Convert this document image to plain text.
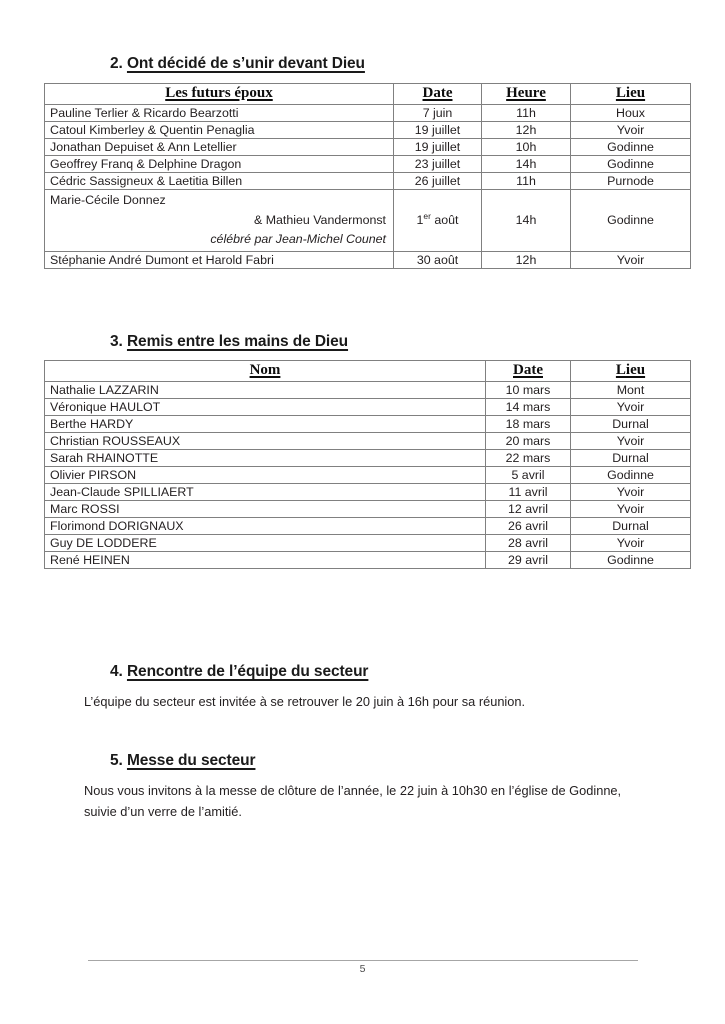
2. Ont décidé de s’unir devant Dieu
Les futurs époux	Date	Heure	Lieu
Pauline Terlier & Ricardo Bearzotti	7 juin	11h	Houx
Catoul Kimberley & Quentin Penaglia	19 juillet	12h	Yvoir
Jonathan Depuiset & Ann Letellier	19 juillet	10h	Godinne
Geoffrey Franq & Delphine Dragon	23 juillet	14h	Godinne
Cédric Sassigneux & Laetitia Billen	26 juillet	11h	Purnode

Marie-Cécile Donnez
& Mathieu Vandermonst
célébré par Jean-Michel Counet	1er août	14h	Godinne
Stéphanie André Dumont et Harold Fabri	30 août	12h	Yvoir
3. Remis entre les mains de Dieu
Nom	Date	Lieu
Nathalie LAZZARIN	10 mars	Mont
Véronique HAULOT	14 mars	Yvoir
Berthe HARDY	18 mars	Durnal
Christian ROUSSEAUX	20 mars	Yvoir
Sarah RHAINOTTE	22 mars	Durnal
Olivier PIRSON	5 avril	Godinne
Jean-Claude SPILLIAERT	11 avril	Yvoir
Marc ROSSI	12 avril	Yvoir
Florimond DORIGNAUX	26 avril	Durnal
Guy DE LODDERE	28 avril	Yvoir
René HEINEN	29 avril	Godinne
4. Rencontre de l’équipe du secteur
L’équipe du secteur est invitée à se retrouver le 20 juin à 16h pour sa réunion.
5. Messe du secteur
Nous vous invitons à la messe de clôture de l’année, le 22 juin à 10h30 en l’église de Godinne, suivie d’un verre de l’amitié.
5
